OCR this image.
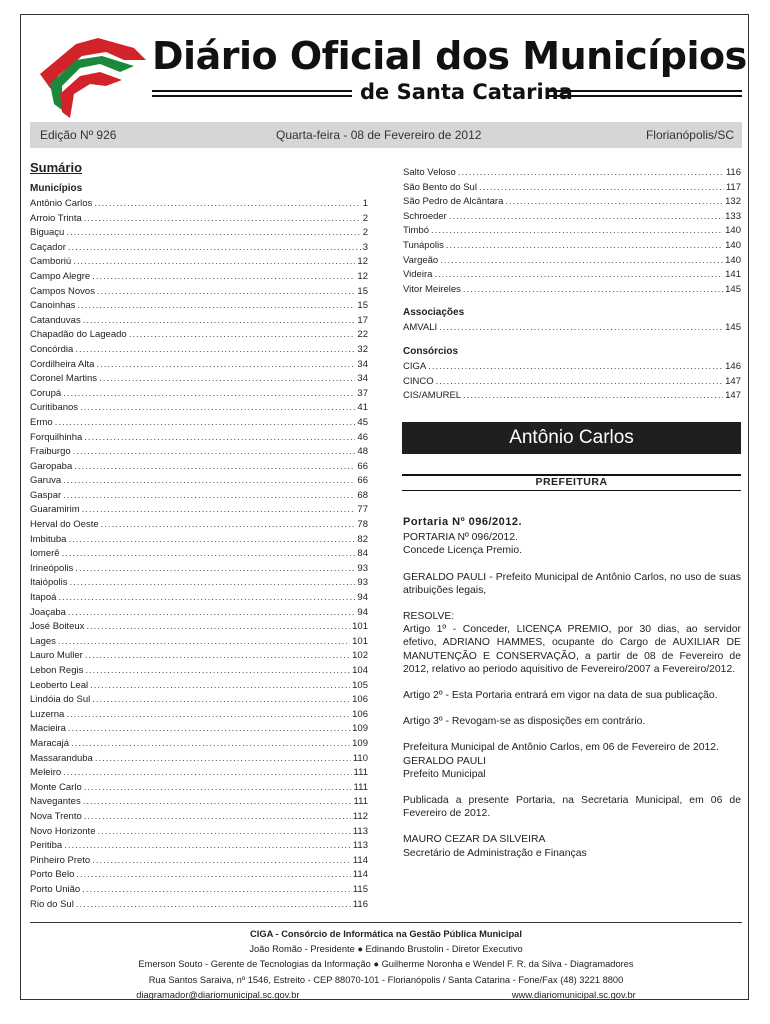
Diário Oficial dos Municípios
de Santa Catarina
Edição Nº 926	Quarta-feira - 08 de Fevereiro de 2012	Florianópolis/SC
Sumário
Municípios
Antônio Carlos .....	1
Arroio Trinta .....	2
Biguaçu .....	2
Caçador .....	3
Camboriú .....	12
Campo Alegre .....	12
Campos Novos .....	15
Canoinhas .....	15
Catanduvas .....	17
Chapadão do Lageado .....	22
Concórdia .....	32
Cordilheira Alta .....	34
Coronel Martins .....	34
Corupá .....	37
Curitibanos .....	41
Ermo .....	45
Forquilhinha .....	46
Fraiburgo .....	48
Garopaba .....	66
Garuva .....	66
Gaspar .....	68
Guaramirim .....	77
Herval do Oeste .....	78
Imbituba .....	82
Iomerê .....	84
Irineópolis .....	93
Itaiópolis .....	93
Itapoá .....	94
Joaçaba .....	94
José Boiteux .....	101
Lages .....	101
Lauro Muller .....	102
Lebon Regis .....	104
Leoberto Leal .....	105
Lindóia do Sul .....	106
Luzerna .....	106
Macieira .....	109
Maracajá .....	109
Massaranduba .....	110
Meleiro .....	111
Monte Carlo .....	111
Navegantes .....	111
Nova Trento .....	112
Novo Horizonte .....	113
Peritiba .....	113
Pinheiro Preto .....	114
Porto Belo .....	114
Porto União .....	115
Rio do Sul .....	116
Salto Veloso .....	116
São Bento do Sul .....	117
São Pedro de Alcântara .....	132
Schroeder .....	133
Timbó .....	140
Tunápolis .....	140
Vargeão .....	140
Videira .....	141
Vitor Meireles .....	145
Associações
AMVALI .....	145
Consórcios
CIGA .....	146
CINCO .....	147
CIS/AMUREL .....	147
Antônio Carlos
PREFEITURA
Portaria Nº 096/2012.

PORTARIA Nº 096/2012.

Concede Licença Premio.

GERALDO PAULI - Prefeito Municipal de Antônio Carlos, no uso de suas atribuições legais,

RESOLVE:

Artigo 1º - Conceder, LICENÇA PREMIO, por 30 dias, ao servidor efetivo, ADRIANO HAMMES, ocupante do Cargo de AUXILIAR DE MANUTENÇÃO E CONSERVAÇÃO, a partir de 08 de Fevereiro de 2012, relativo ao periodo aquisitivo de Fevereiro/2007 a Fevereiro/2012.

Artigo 2º - Esta Portaria entrará em vigor na data de sua publicação.

Artigo 3º - Revogam-se as disposições em contrário.

Prefeitura Municipal de Antônio Carlos, em 06 de Fevereiro de 2012.

GERALDO PAULI

Prefeito Municipal

Publicada a presente Portaria, na Secretaria Municipal, em 06 de Fevereiro de 2012.

MAURO CEZAR DA SILVEIRA

Secretário de Administração e Finanças

CIGA - Consórcio de Informática na Gestão Pública Municipal
João Romão - Presidente ● Edinando Brustolin - Diretor Executivo
Emerson Souto - Gerente de Tecnologias da Informação ● Guilherme Noronha e Wendel F. R. da Silva - Diagramadores
Rua Santos Saraiva, nº 1546, Estreito - CEP 88070-101 - Florianópolis / Santa Catarina - Fone/Fax (48) 3221 8800
diagramador@diariomunicipal.sc.gov.br	www.diariomunicipal.sc.gov.br
